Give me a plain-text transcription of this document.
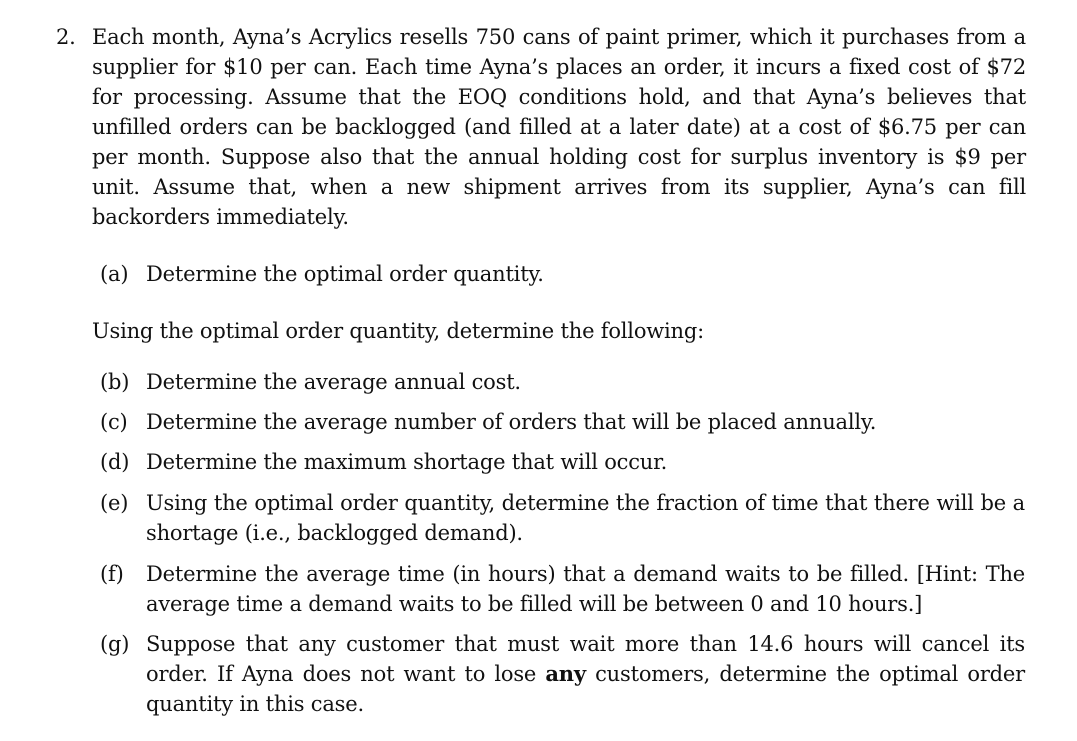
2. Each month, Ayna’s Acrylics resells 750 cans of paint primer, which it purchases from a supplier for $10 per can. Each time Ayna’s places an order, it incurs a fixed cost of $72 for processing. Assume that the EOQ conditions hold, and that Ayna’s believes that unfilled orders can be backlogged (and filled at a later date) at a cost of $6.75 per can per month. Suppose also that the annual holding cost for surplus inventory is $9 per unit. Assume that, when a new shipment arrives from its supplier, Ayna’s can fill backorders immediately.

(a) Determine the optimal order quantity.
Using the optimal order quantity, determine the following:
(b) Determine the average annual cost.
(c) Determine the average number of orders that will be placed annually.
(d) Determine the maximum shortage that will occur.
(e) Using the optimal order quantity, determine the fraction of time that there will be a shortage (i.e., backlogged demand).
(f)	Determine the average time (in hours) that a demand waits to be filled. [Hint: The average time a demand waits to be filled will be between 0 and 10 hours.]
(g) Suppose that any customer that must wait more than 14.6 hours will cancel its order. If Ayna does not want to lose any customers, determine the optimal order quantity in this case.
